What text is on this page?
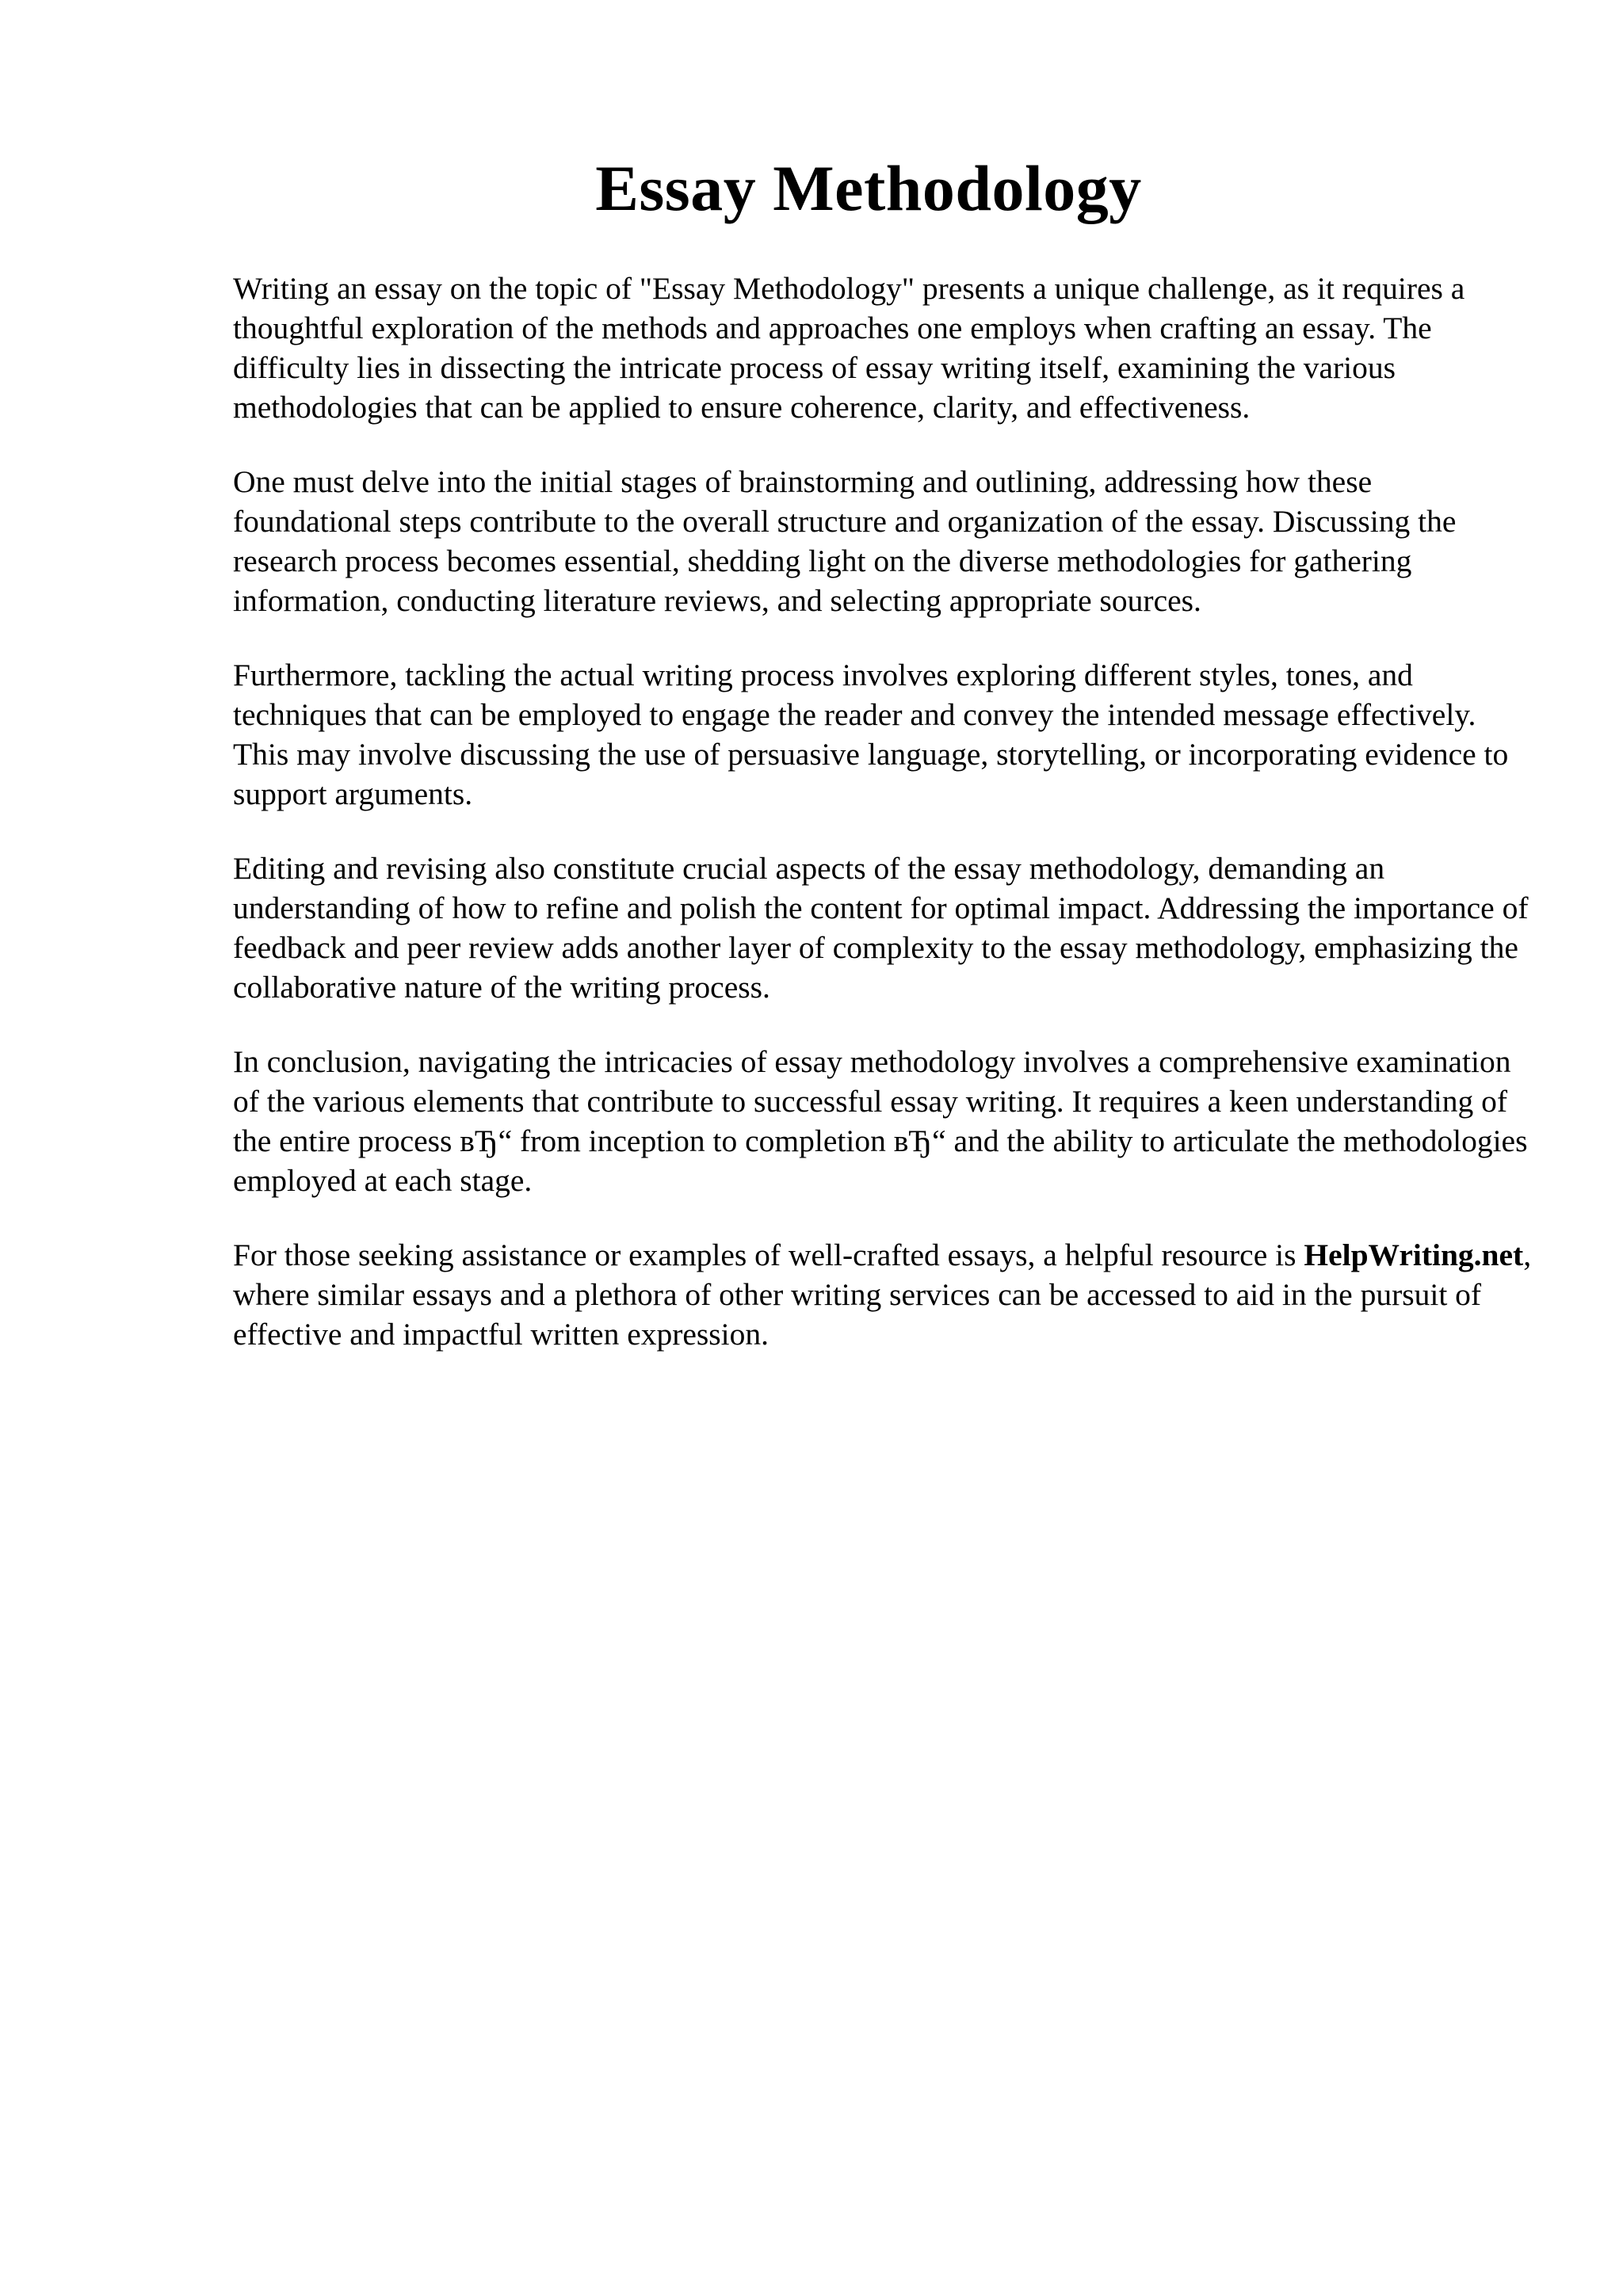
Essay Methodology

Writing an essay on the topic of "Essay Methodology" presents a unique challenge, as it requires a thoughtful exploration of the methods and approaches one employs when crafting an essay. The difficulty lies in dissecting the intricate process of essay writing itself, examining the various methodologies that can be applied to ensure coherence, clarity, and effectiveness.

One must delve into the initial stages of brainstorming and outlining, addressing how these foundational steps contribute to the overall structure and organization of the essay. Discussing the research process becomes essential, shedding light on the diverse methodologies for gathering information, conducting literature reviews, and selecting appropriate sources.

Furthermore, tackling the actual writing process involves exploring different styles, tones, and techniques that can be employed to engage the reader and convey the intended message effectively. This may involve discussing the use of persuasive language, storytelling, or incorporating evidence to support arguments.

Editing and revising also constitute crucial aspects of the essay methodology, demanding an understanding of how to refine and polish the content for optimal impact. Addressing the importance of feedback and peer review adds another layer of complexity to the essay methodology, emphasizing the collaborative nature of the writing process.

In conclusion, navigating the intricacies of essay methodology involves a comprehensive examination of the various elements that contribute to successful essay writing. It requires a keen understanding of the entire process вЂ“ from inception to completion вЂ“ and the ability to articulate the methodologies employed at each stage.

For those seeking assistance or examples of well-crafted essays, a helpful resource is HelpWriting.net, where similar essays and a plethora of other writing services can be accessed to aid in the pursuit of effective and impactful written expression.
